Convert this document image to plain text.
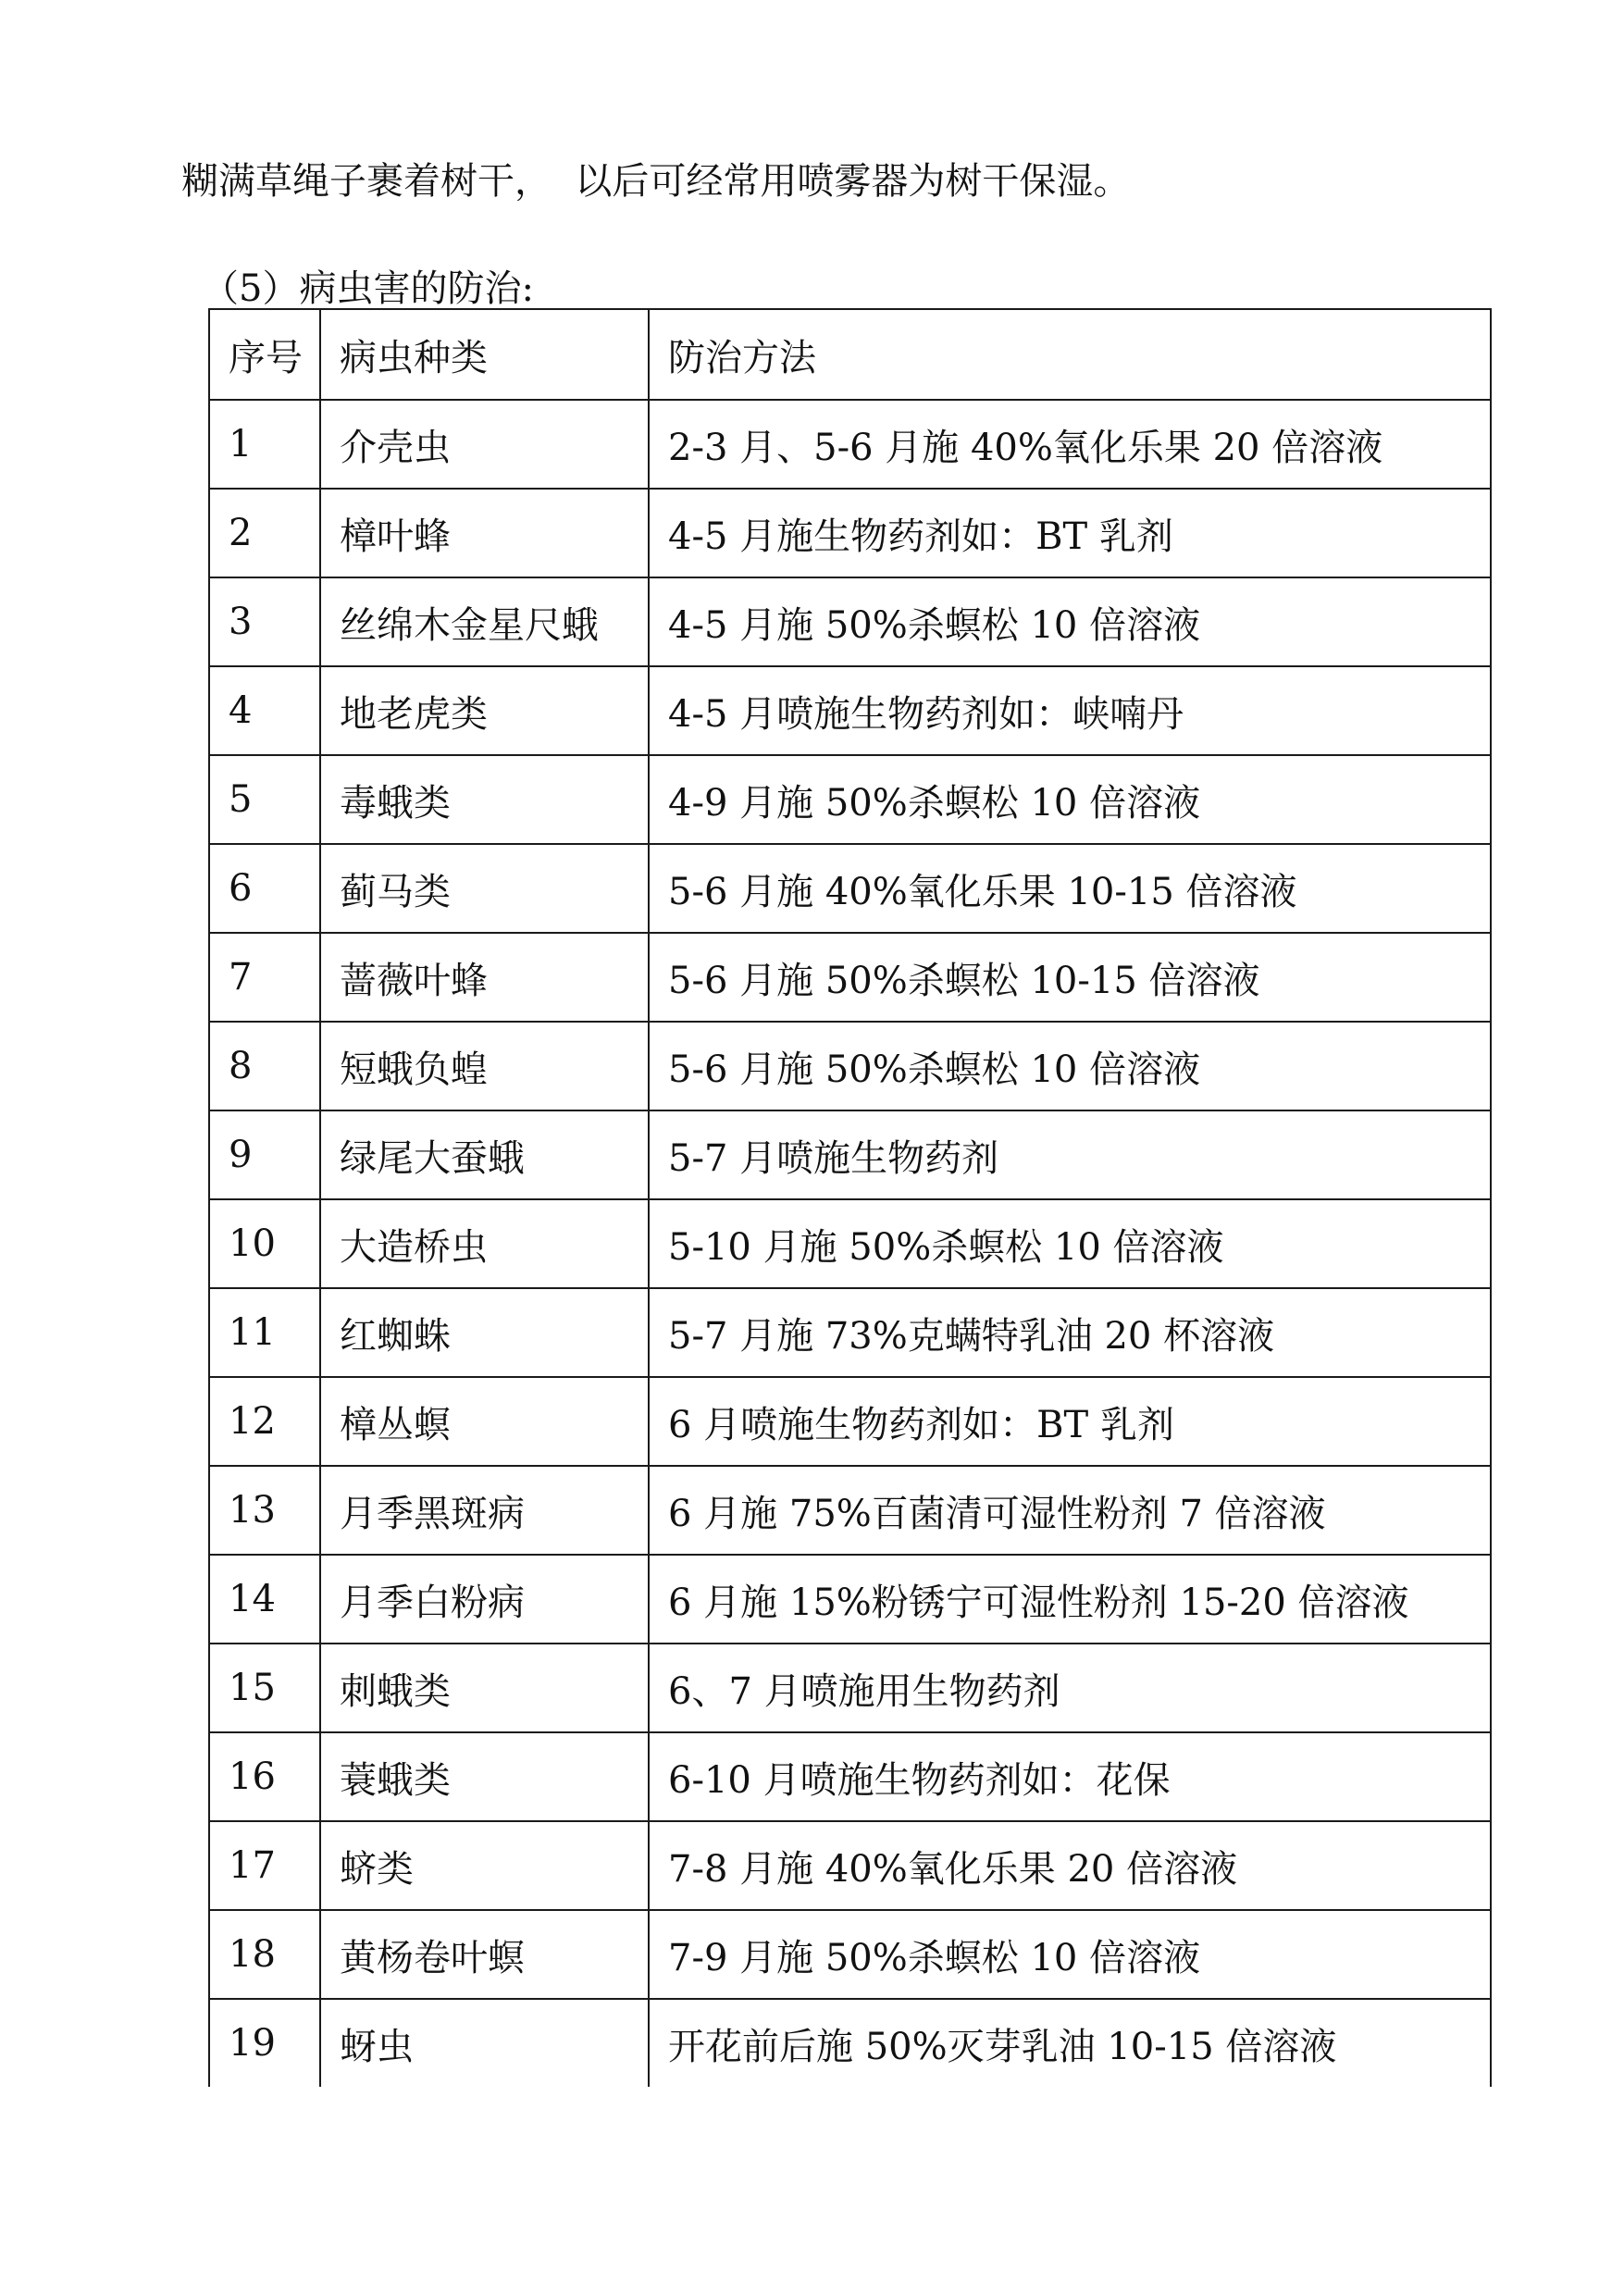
糊满草绳子裹着树干，  以后可经常用喷雾器为树干保湿。
（5）病虫害的防治:
序号	病虫种类	防治方法
1	介壳虫	2-3 月、5-6 月施 40%氧化乐果 20 倍溶液
2	樟叶蜂	4-5 月施生物药剂如：BT 乳剂
3	丝绵木金星尺蛾	4-5 月施 50%杀螟松 10 倍溶液
4	地老虎类	4-5 月喷施生物药剂如：峡喃丹
5	毒蛾类	4-9 月施 50%杀螟松 10 倍溶液
6	蓟马类	5-6 月施 40%氧化乐果 10-15 倍溶液
7	蔷薇叶蜂	5-6 月施 50%杀螟松 10-15 倍溶液
8	短蛾负蝗	5-6 月施 50%杀螟松 10 倍溶液
9	绿尾大蚕蛾	5-7 月喷施生物药剂
10	大造桥虫	5-10 月施 50%杀螟松 10 倍溶液
11	红蜘蛛	5-7 月施 73%克螨特乳油 20 杯溶液
12	樟丛螟	6 月喷施生物药剂如：BT 乳剂
13	月季黑斑病	6 月施 75%百菌清可湿性粉剂 7 倍溶液
14	月季白粉病	6 月施 15%粉锈宁可湿性粉剂 15-20 倍溶液
15	刺蛾类	6、7 月喷施用生物药剂
16	蓑蛾类	6-10 月喷施生物药剂如：花保
17	蛴类	7-8 月施 40%氧化乐果 20 倍溶液
18	黄杨卷叶螟	7-9 月施 50%杀螟松 10 倍溶液
19	蚜虫	开花前后施 50%灭芽乳油 10-15 倍溶液
